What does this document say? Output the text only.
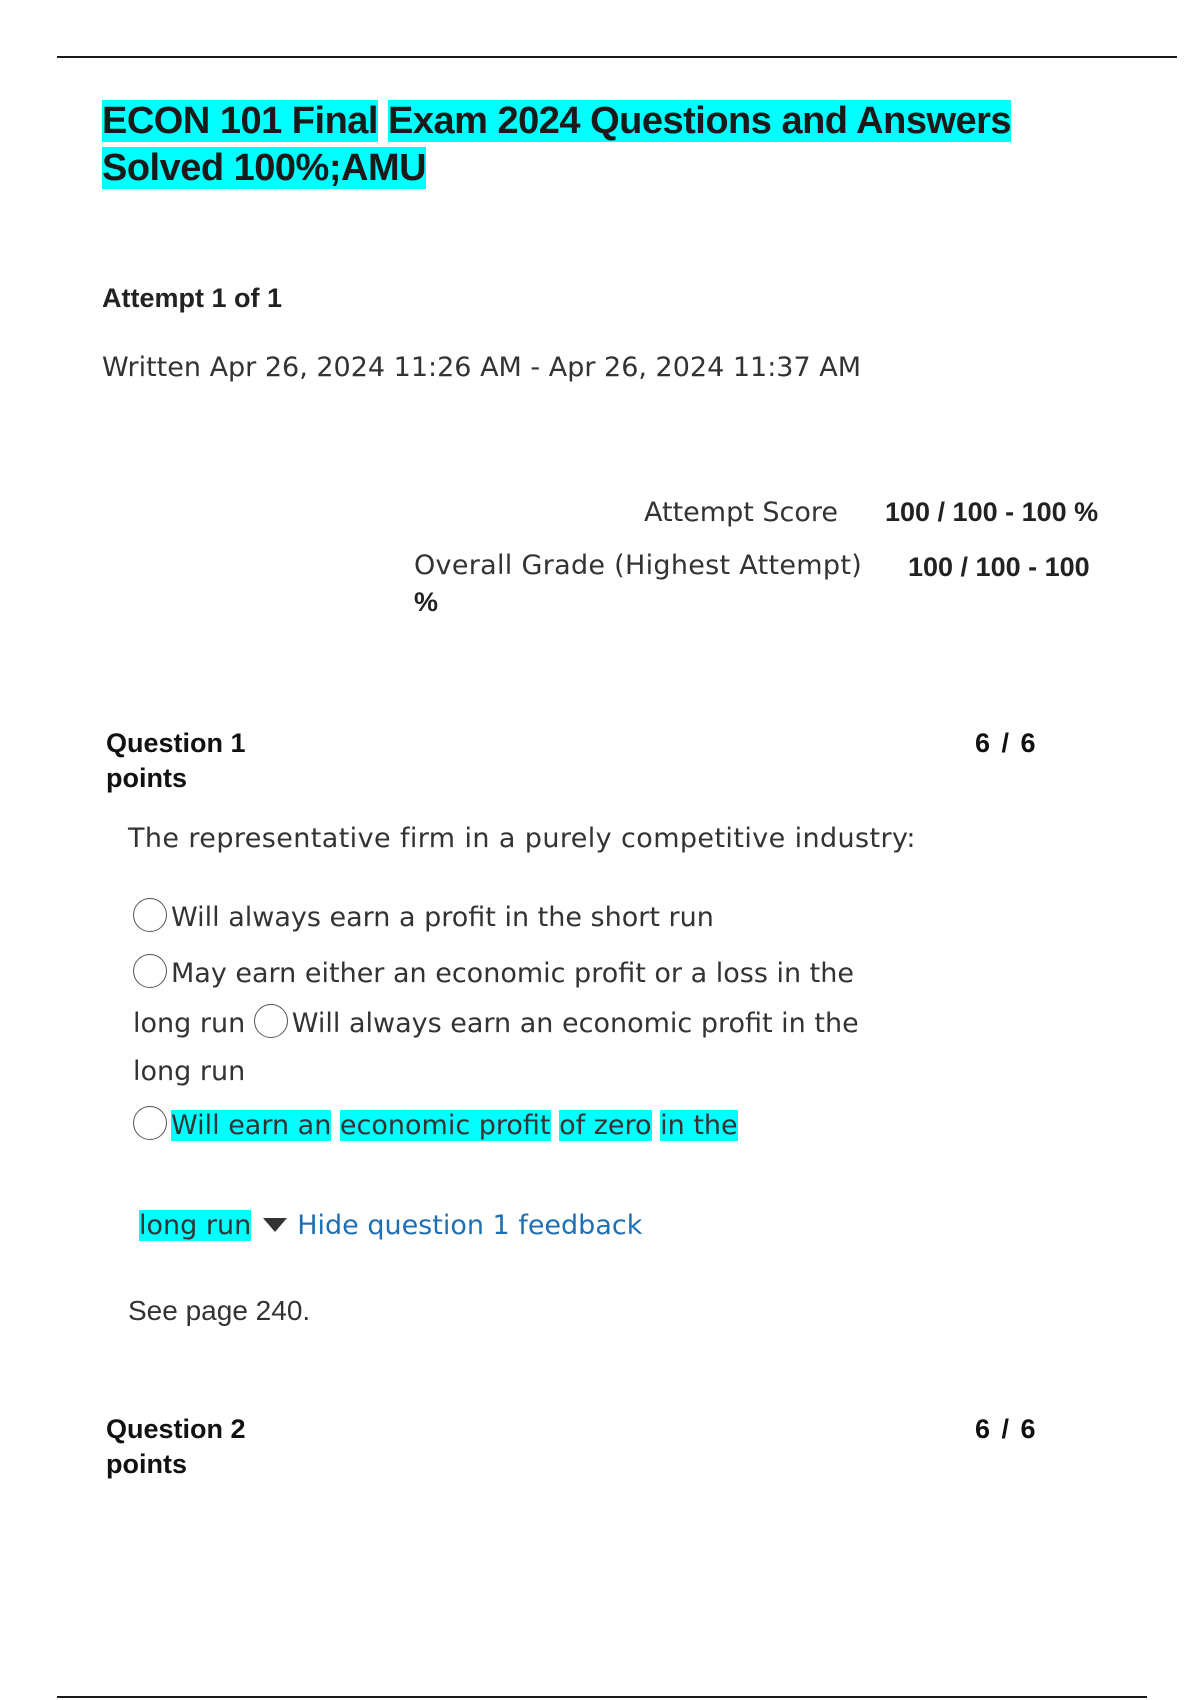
ECON 101 Final Exam 2024 Questions and Answers
Solved 100%;AMU
Attempt 1 of 1
Written Apr 26, 2024 11:26 AM - Apr 26, 2024 11:37 AM
Attempt Score 100 / 100 - 100 %
Overall Grade (Highest Attempt) 100 / 100 - 100
%
Question 1
points
6 / 6
The representative firm in a purely competitive industry:
Will always earn a profit in the short run
May earn either an economic profit or a loss in the
long run Will always earn an economic profit in the
long run
Will earn an economic profit of zero in the
long run Hide question 1 feedback
See page 240.
Question 2
points
6 / 6
